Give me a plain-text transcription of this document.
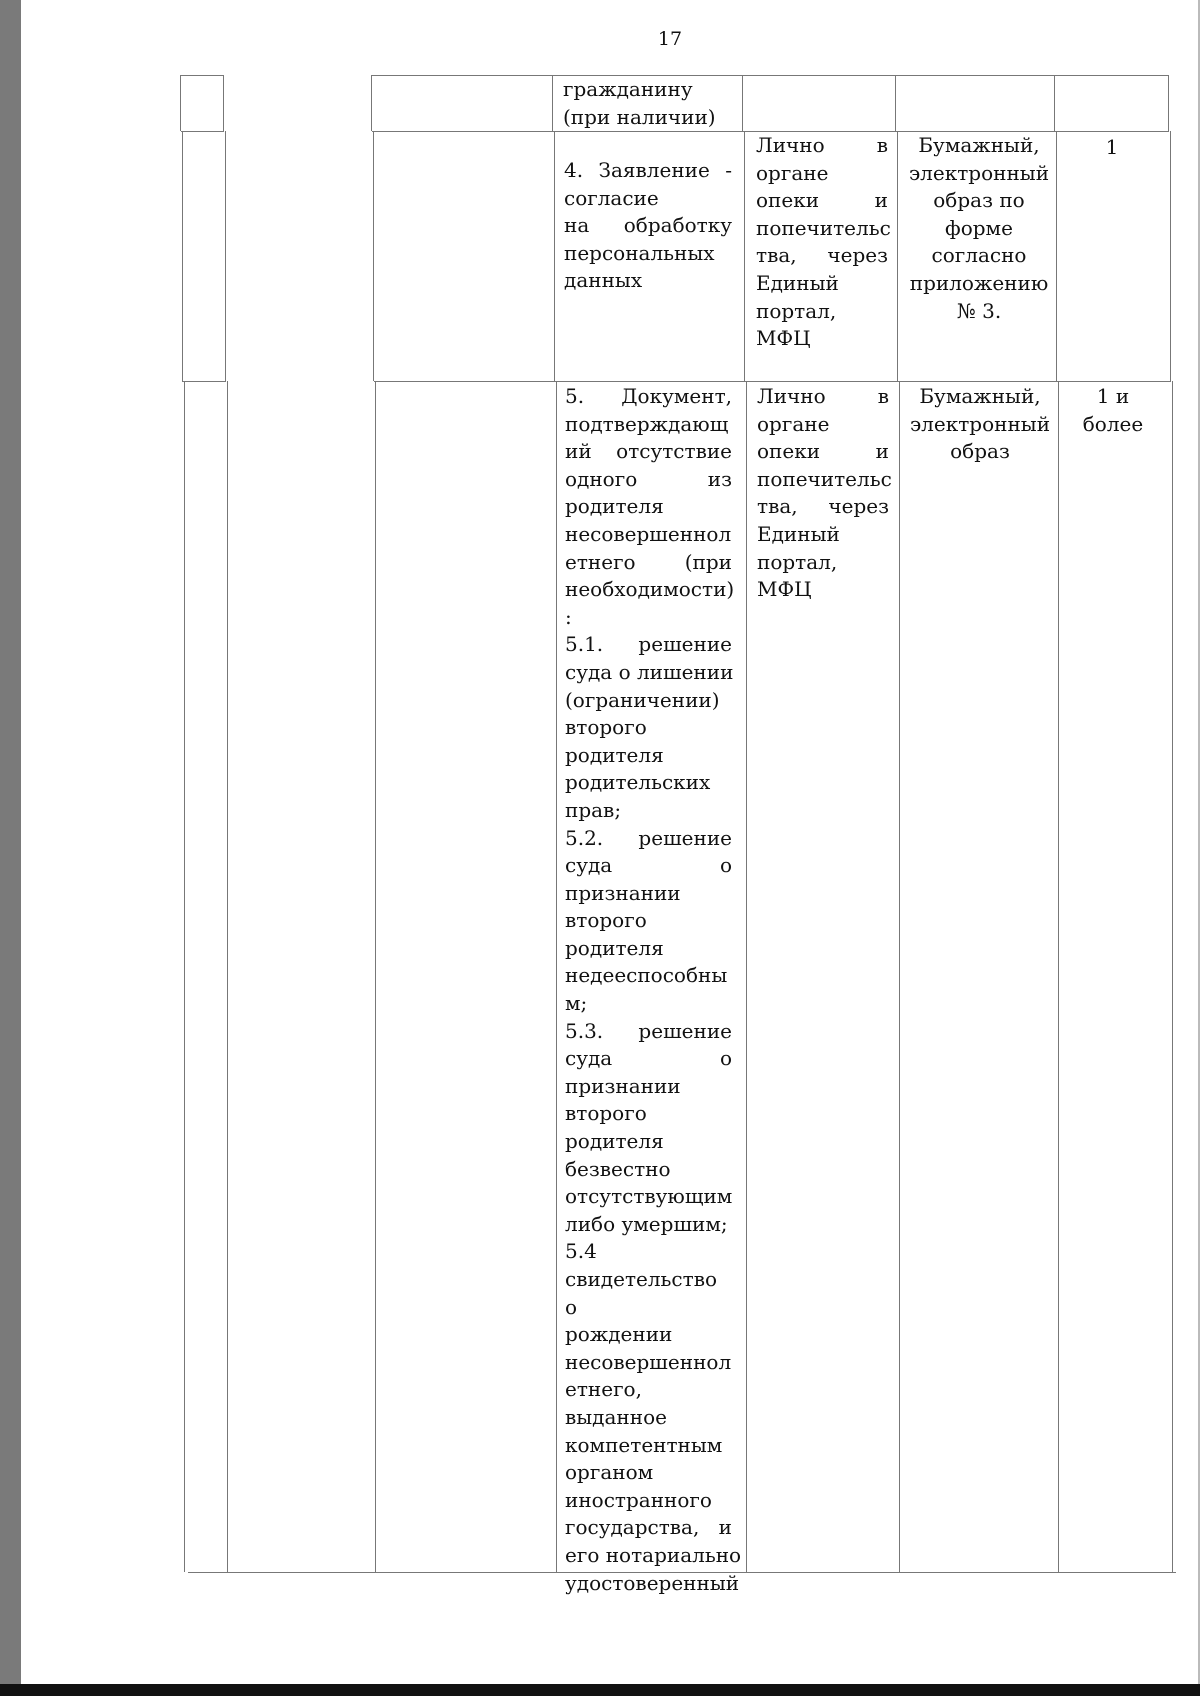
17
гражданину
(при наличии)
4. Заявление -
согласие
на обработку
персональных
данных
Лично в
органе
опеки и
попечительс
тва, через
Единый
портал,
МФЦ
Бумажный,
электронный
образ по
форме
согласно
приложению
№ 3.
1
5. Документ,
подтверждающ
ий отсутствие
одного из
родителя
несовершеннол
етнего (при
необходимости)
:
5.1. решение
суда о лишении
(ограничении)
второго
родителя
родительских
прав;
5.2. решение
суда о
признании
второго
родителя
недееспособны
м;
5.3. решение
суда о
признании
второго
родителя
безвестно
отсутствующим
либо умершим;
5.4
свидетельство о
рождении
несовершеннол
етнего,
выданное
компетентным
органом
иностранного
государства, и
его нотариально
удостоверенный
Лично в
органе
опеки и
попечительс
тва, через
Единый
портал,
МФЦ
Бумажный,
электронный
образ
1 и
более
